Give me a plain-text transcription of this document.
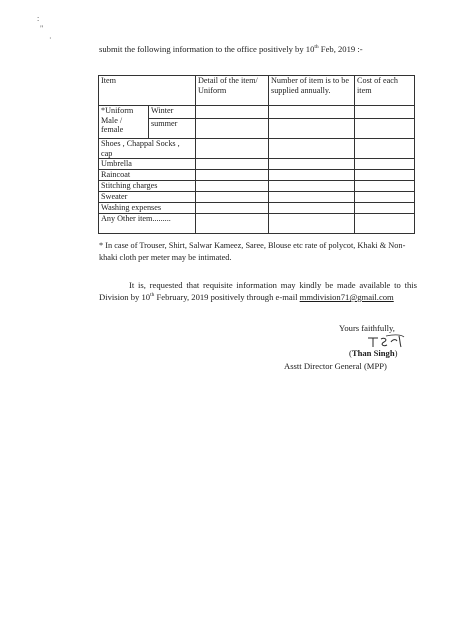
:
"
·
submit the following information to the office positively by 10th Feb, 2019 :-
Item		Detail of the item/ Uniform	Number of item is to be supplied annually.	Cost of each item
*Uniform Male / female	Winter			
	summer			
Shoes , Chappal Socks , cap				
Umbrella				
Raincoat				
Stitching charges				
Sweater				
Washing expenses				
Any Other item.........				
* In case of Trouser, Shirt, Salwar Kameez, Saree, Blouse etc rate of polycot, Khaki & Non-khaki cloth per meter may be intimated.
It is, requested that requisite information may kindly be made available to this Division by 10th February, 2019 positively through e-mail mmdivision71@gmail.com
Yours faithfully,
(Than Singh)
Asstt Director General (MPP)
